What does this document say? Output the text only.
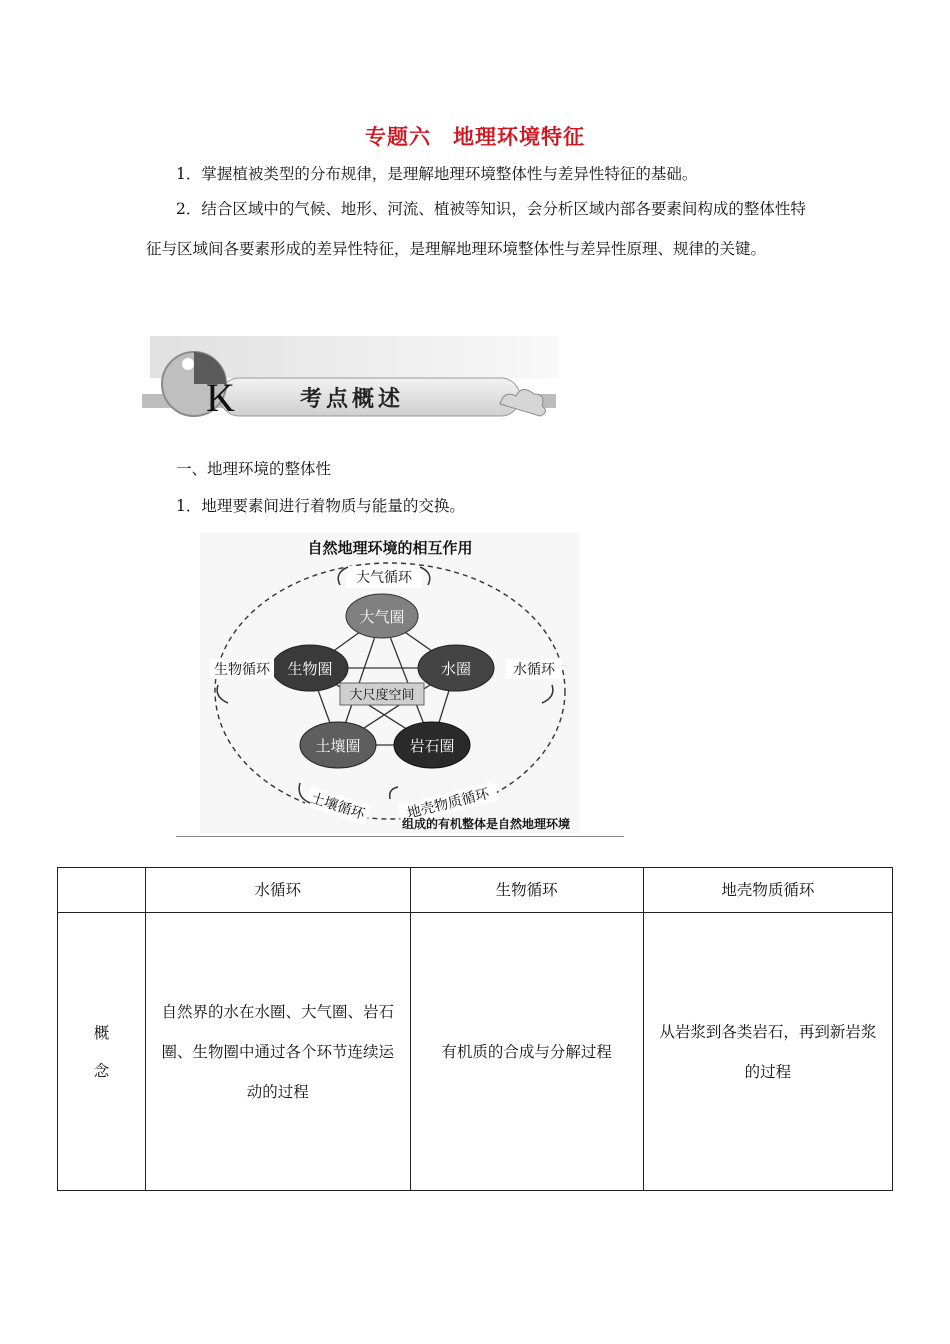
专题六　地理环境特征
1．掌握植被类型的分布规律，是理解地理环境整体性与差异性特征的基础。
2．结合区域中的气候、地形、河流、植被等知识，会分析区域内部各要素间构成的整体性特征与区域间各要素形成的差异性特征，是理解地理环境整体性与差异性原理、规律的关键。
K	考点概述
一、地理环境的整体性
1．地理要素间进行着物质与能量的交换。
自然地理环境的相互作用
大尺度空间
大气圈
生物圈	水圈
土壤圈	岩石圈
大气循环
生物循环	水循环
土壤循环	地壳物质循环
组成的有机整体是自然地理环境
	水循环	生物循环	地壳物质循环

概念	自然界的水在水圈、大气圈、岩石圈、生物圈中通过各个环节连续运动的过程	有机质的合成与分解过程	从岩浆到各类岩石，再到新岩浆的过程
